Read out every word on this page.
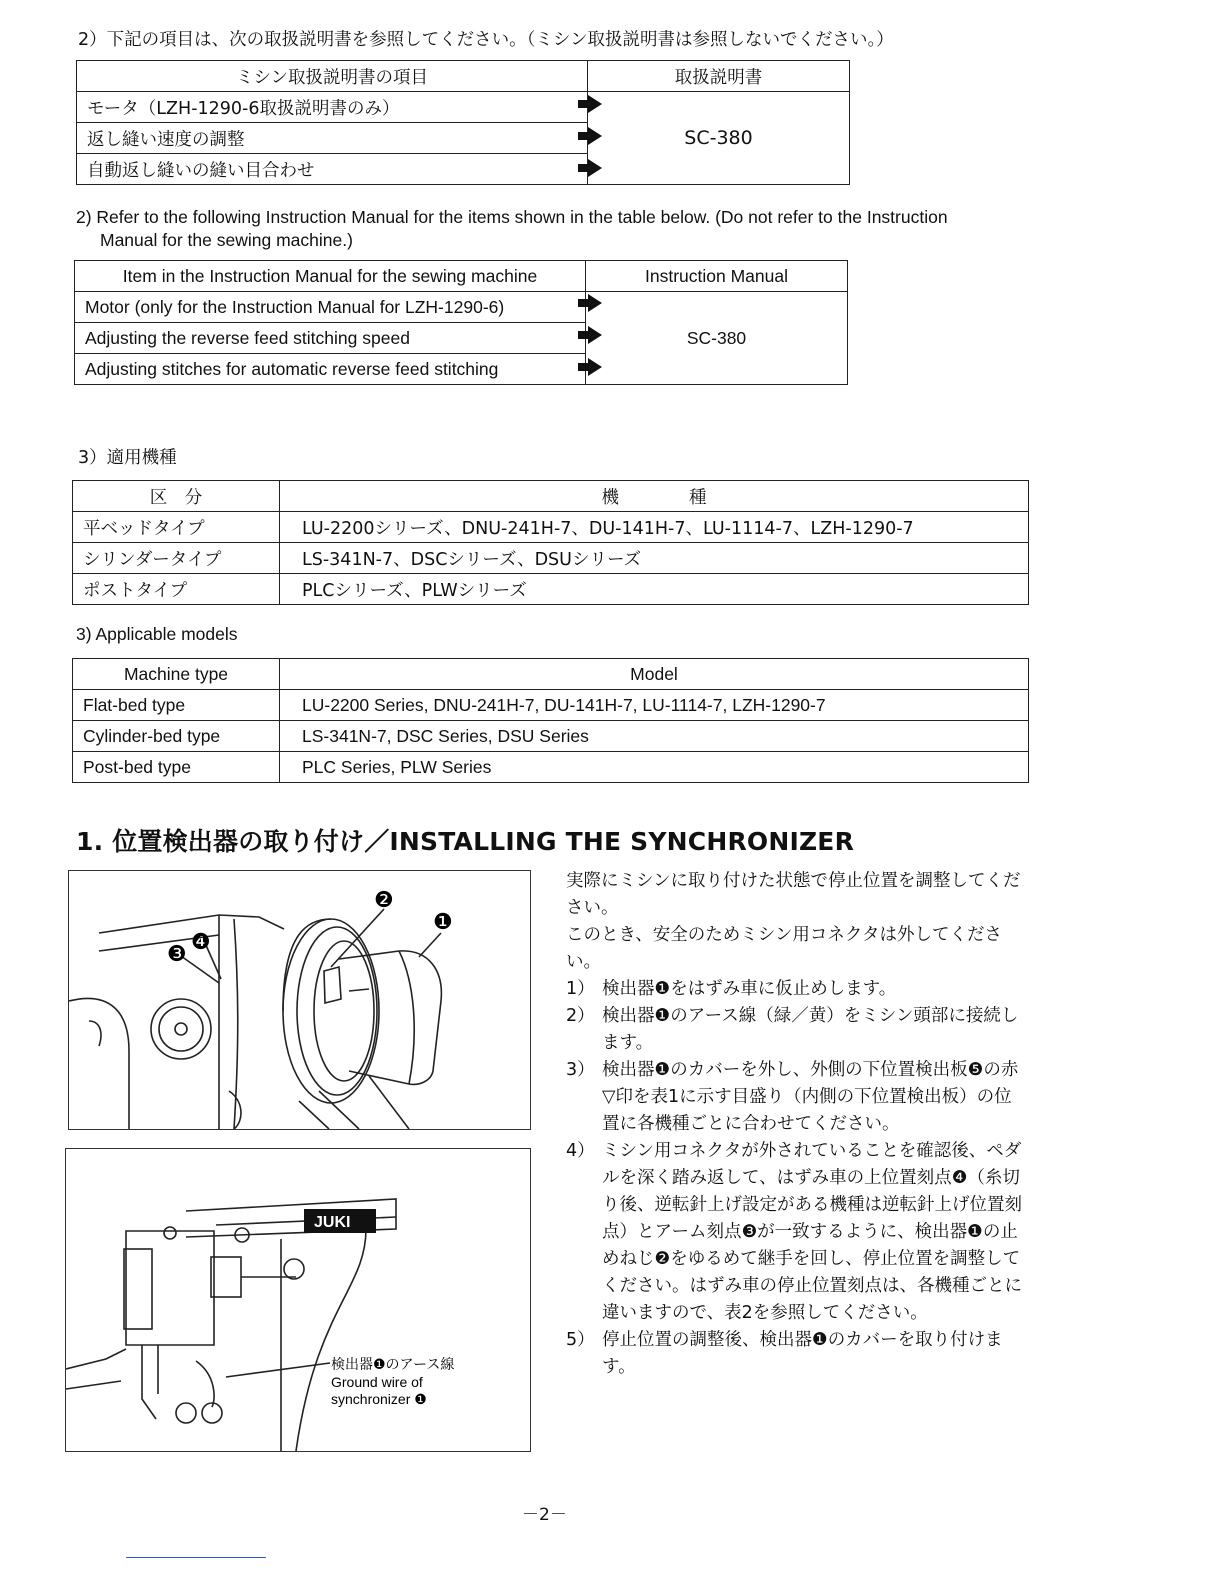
2）下記の項目は、次の取扱説明書を参照してください。（ミシン取扱説明書は参照しないでください。）
ミシン取扱説明書の項目	取扱説明書
モータ（LZH-1290-6取扱説明書のみ）	SC-380
返し縫い速度の調整	
自動返し縫いの縫い目合わせ	
2) Refer to the following Instruction Manual for the items shown in the table below. (Do not refer to the Instruction
Manual for the sewing machine.)
Item in the Instruction Manual for the sewing machine	Instruction Manual
Motor (only for the Instruction Manual for LZH-1290-6)	SC-380
Adjusting the reverse feed stitching speed	
Adjusting stitches for automatic reverse feed stitching	
3）適用機種
区　分	機　　　　種
平ベッドタイプ	LU-2200シリーズ、DNU-241H-7、DU-141H-7、LU-1114-7、LZH-1290-7
シリンダータイプ	LS-341N-7、DSCシリーズ、DSUシリーズ
ポストタイプ	PLCシリーズ、PLWシリーズ
3) Applicable models
Machine type	Model
Flat-bed type	LU-2200 Series, DNU-241H-7, DU-141H-7, LU-1114-7, LZH-1290-7
Cylinder-bed type	LS-341N-7, DSC Series, DSU Series
Post-bed type	PLC Series, PLW Series
1. 位置検出器の取り付け／INSTALLING THE SYNCHRONIZER
❷
❶
❸ ❹
JUKI
検出器❶のアース線
Ground wire of
synchronizer ❶

実際にミシンに取り付けた状態で停止位置を調整してください。

このとき、安全のためミシン用コネクタは外してください。

1） 検出器❶をはずみ車に仮止めします。

2） 検出器❶のアース線（緑／黄）をミシン頭部に接続します。

3） 検出器❶のカバーを外し、外側の下位置検出板❺の赤▽印を表1に示す目盛り（内側の下位置検出板）の位置に各機種ごとに合わせてください。

4） ミシン用コネクタが外されていることを確認後、ペダルを深く踏み返して、はずみ車の上位置刻点❹（糸切り後、逆転針上げ設定がある機種は逆転針上げ位置刻点）とアーム刻点❸が一致するように、検出器❶の止めねじ❷をゆるめて継手を回し、停止位置を調整してください。はずみ車の停止位置刻点は、各機種ごとに違いますので、表2を参照してください。

5） 停止位置の調整後、検出器❶のカバーを取り付けます。

－2－
